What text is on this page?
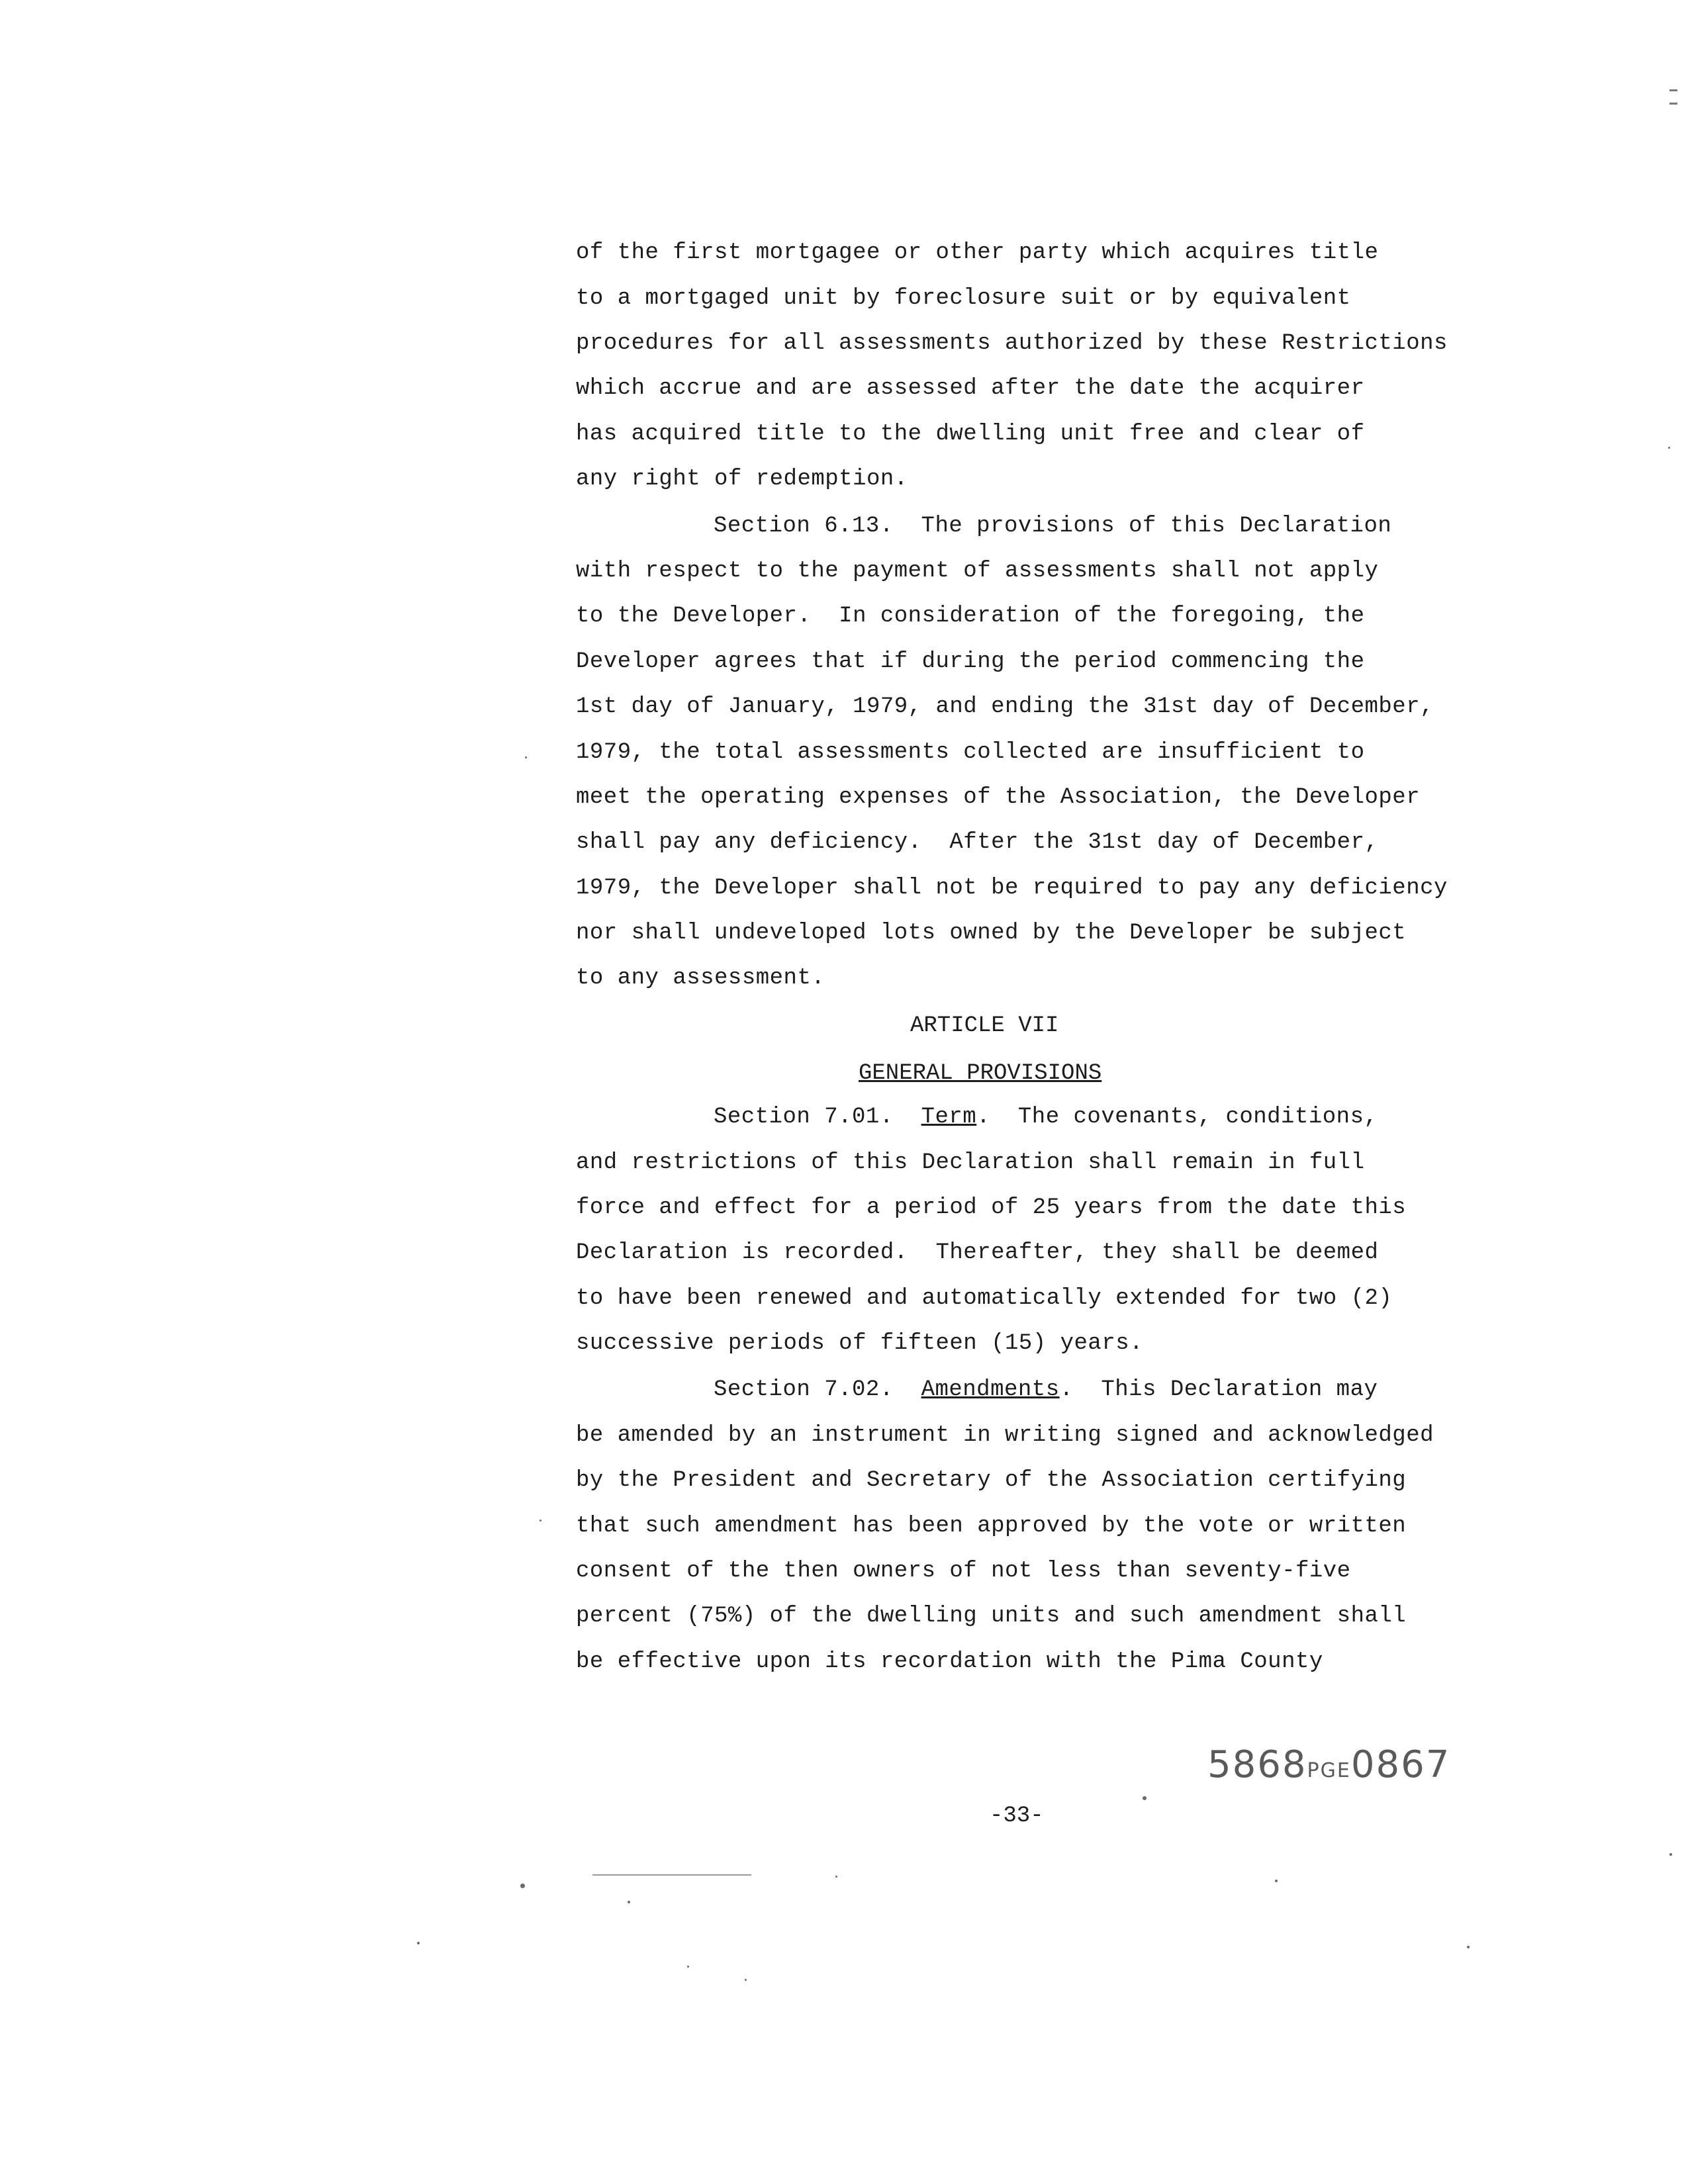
of the first mortgagee or other party which acquires title
to a mortgaged unit by foreclosure suit or by equivalent
procedures for all assessments authorized by these Restrictions
which accrue and are assessed after the date the acquirer
has acquired title to the dwelling unit free and clear of
any right of redemption.
Section 6.13.  The provisions of this Declaration
with respect to the payment of assessments shall not apply
to the Developer.  In consideration of the foregoing, the
Developer agrees that if during the period commencing the
1st day of January, 1979, and ending the 31st day of December,
1979, the total assessments collected are insufficient to
meet the operating expenses of the Association, the Developer
shall pay any deficiency.  After the 31st day of December,
1979, the Developer shall not be required to pay any deficiency
nor shall undeveloped lots owned by the Developer be subject
to any assessment.
ARTICLE VII
GENERAL PROVISIONS
Section 7.01.  Term.  The covenants, conditions,
and restrictions of this Declaration shall remain in full
force and effect for a period of 25 years from the date this
Declaration is recorded.  Thereafter, they shall be deemed
to have been renewed and automatically extended for two (2)
successive periods of fifteen (15) years.
Section 7.02.  Amendments.  This Declaration may
be amended by an instrument in writing signed and acknowledged
by the President and Secretary of the Association certifying
that such amendment has been approved by the vote or written
consent of the then owners of not less than seventy-five
percent (75%) of the dwelling units and such amendment shall
be effective upon its recordation with the Pima County
5868PGE0867
-33-
